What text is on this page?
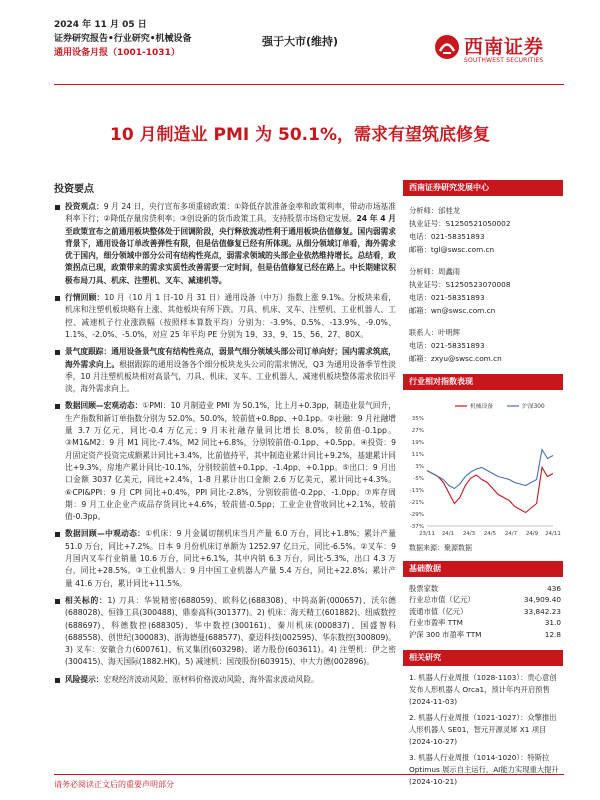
2024 年 11 月 05 日
证券研究报告•行业研究•机械设备
通用设备月报（1001-1031）
强于大市(维持)	西南证券
SOUTHWEST SECURITIES
10 月制造业 PMI 为 50.1%，需求有望筑底修复
投资要点
投资观点：9 月 24 日，央行宣布多项重磅政策：①降低存款准备金率和政策利率，带动市场基准利率下行；②降低存量房贷利率；③创设新的货币政策工具，支持股票市场稳定发展。24 年 4 月至政策宣布之前通用板块整体处于回调阶段，央行释放流动性利于通用板块估值修复。国内弱需求背景下，通用设备订单改善弹性有限，但是估值修复已经有所体现。从细分领域订单看，海外需求优于国内，细分领域中部分公司有结构性亮点，弱需求领域的头部企业依然维持增长。总结看，政策拐点已现，政策带来的需求实质性改善需要一定时间，但是估值修复已经在路上。中长期建议积极布局刀具、机床、注塑机、叉车、减速机等。
行情回顾：10 月（10 月 1 日-10 月 31 日）通用设备（中万）指数上涨 9.1%。分板块来看，机床和注塑机板块略有上涨、其他板块有所下跌。刀具、机床、叉车、注塑机、工业机器人、工控、减速机子行业涨跌幅（按照样本算数平均）分别为：-3.9%、0.5%、-13.9%、-9.0%、1.1%、-2.0%、-5.0%，对应 25 年平均 PE 分别为 19、33、9、15、56、27、80X。
景气度跟踪：通用设备景气度有结构性亮点，弱景气细分领域头部公司订单向好；国内需求筑底，海外需求向上。根据跟踪的通用设备各个细分板块龙头公司的需求情况，Q3 为通用设备季节性淡季，10 月注塑机板块相对高景气，刀具、机床、叉车、工业机器人、减速机板块整体需求依旧平淡，海外需求向上。
数据回顾—宏观动态：①PMI：10 月制造业 PMI 为 50.1%，比上月+0.3pp，制造业景气回升，生产指数和新订单指数分别为 52.0%、50.0%，较前值+0.8pp、+0.1pp。②社融：9 月社融增量 3.7 万亿元，同比-0.4 万亿元；9 月末社融存量同比增长 8.0%，较前值-0.1pp。③M1&M2：9 月 M1 同比-7.4%，M2 同比+6.8%，分别较前值-0.1pp、+0.5pp。④投资：9 月固定资产投资完成额累计同比+3.4%，比前值持平，其中制造业累计同比+9.2%，基建累计同比+9.3%，房地产累计同比-10.1%，分别较前值+0.1pp、-1.4pp、+0.1pp。⑤出口：9 月出口金额 3037 亿美元，同比+2.4%，1-8 月累计出口金额 2.6 万亿美元，累计同比+4.3%。⑥CPI&PPI：9 月 CPI 同比+0.4%，PPI 同比-2.8%，分别较前值-0.2pp、-1.0pp。⑦库存周期：9 月工业企业产成品存货同比+4.6%，较前值-0.5pp；工业企业营收同比+2.1%，较前值-0.3pp。
数据回顾—中观动态：①机床：9 月金属切削机床当月产量 6.0 万台，同比+1.8%；累计产量 51.0 万台，同比+7.2%。日本 9 月份机床订单额为 1252.97 亿日元，同比-6.5%。②叉车：9 月国内叉车行业销量 10.6 万台，同比+6.1%，其中内销 6.3 万台，同比-5.3%，出口 4.3 万台，同比+28.5%。③工业机器人：9 月中国工业机器人产量 5.4 万台，同比+22.8%；累计产量 41.6 万台，累计同比+11.5%。
相关标的：1) 刀具：华锐精密(688059)、欧科亿(688308)、中钨高新(000657)、沃尔德(688028)、恒锋工具(300488)、鼎泰高科(301377)。2) 机床：海天精工(601882)、纽威数控(688697)、科德数控(688305)、华中数控(300161)、秦川机床(000837)、国盛智科(688558)、创世纪(300083)、浙海德曼(688577)、豪迈科技(002595)、华东数控(300809)。3) 叉车：安徽合力(600761)、杭叉集团(603298)、诺力股份(603611)。4) 注塑机：伊之密(300415)、海天国际(1882.HK)。5) 减速机：国茂股份(603915)、中大力德(002896)。
风险提示：宏观经济波动风险、原材料价格波动风险、海外需求波动风险。
西南证券研究发展中心
分析师：邰桂龙
执业证号：S1250521050002
电话：021-58351893
邮箱：tgl@swsc.com.cn
分析师：周鑫雨
执业证号：S1250523070008
电话：021-58351893
邮箱：wn@swsc.com.cn
联系人：叶明辉
电话：021-58351893
邮箱：zxyu@swsc.com.cn
行业相对指数表现
35%
27%
19%
11%
3%
-5%
-13%
-21%
-29%
-37%
23/11 24/1 24/3 24/5 24/7 24/9 24/11
机械设备	沪深300
数据来源：聚源数据
基础数据
股票家数	436
行业总市值（亿元）	34,909.40
流通市值（亿元）	33,842.23
行业市盈率 TTM	31.0
沪深 300 市盈率 TTM	12.8
相关研究
1. 机器人行业周报（1028-1103）：贵心意创发布人形机器人 Orca1，预计年内开启预售 (2024-11-03)
2. 机器人行业周报（1021-1027）：众擎推出人形机器人 SE01，智元开源灵犀 X1 项目 (2024-10-27)
3. 机器人行业周报（1014-1020）：特斯拉 Optimus 展示自主运行，AI能力实现重大提升 (2024-10-21)
请务必阅读正文后的重要声明部分
